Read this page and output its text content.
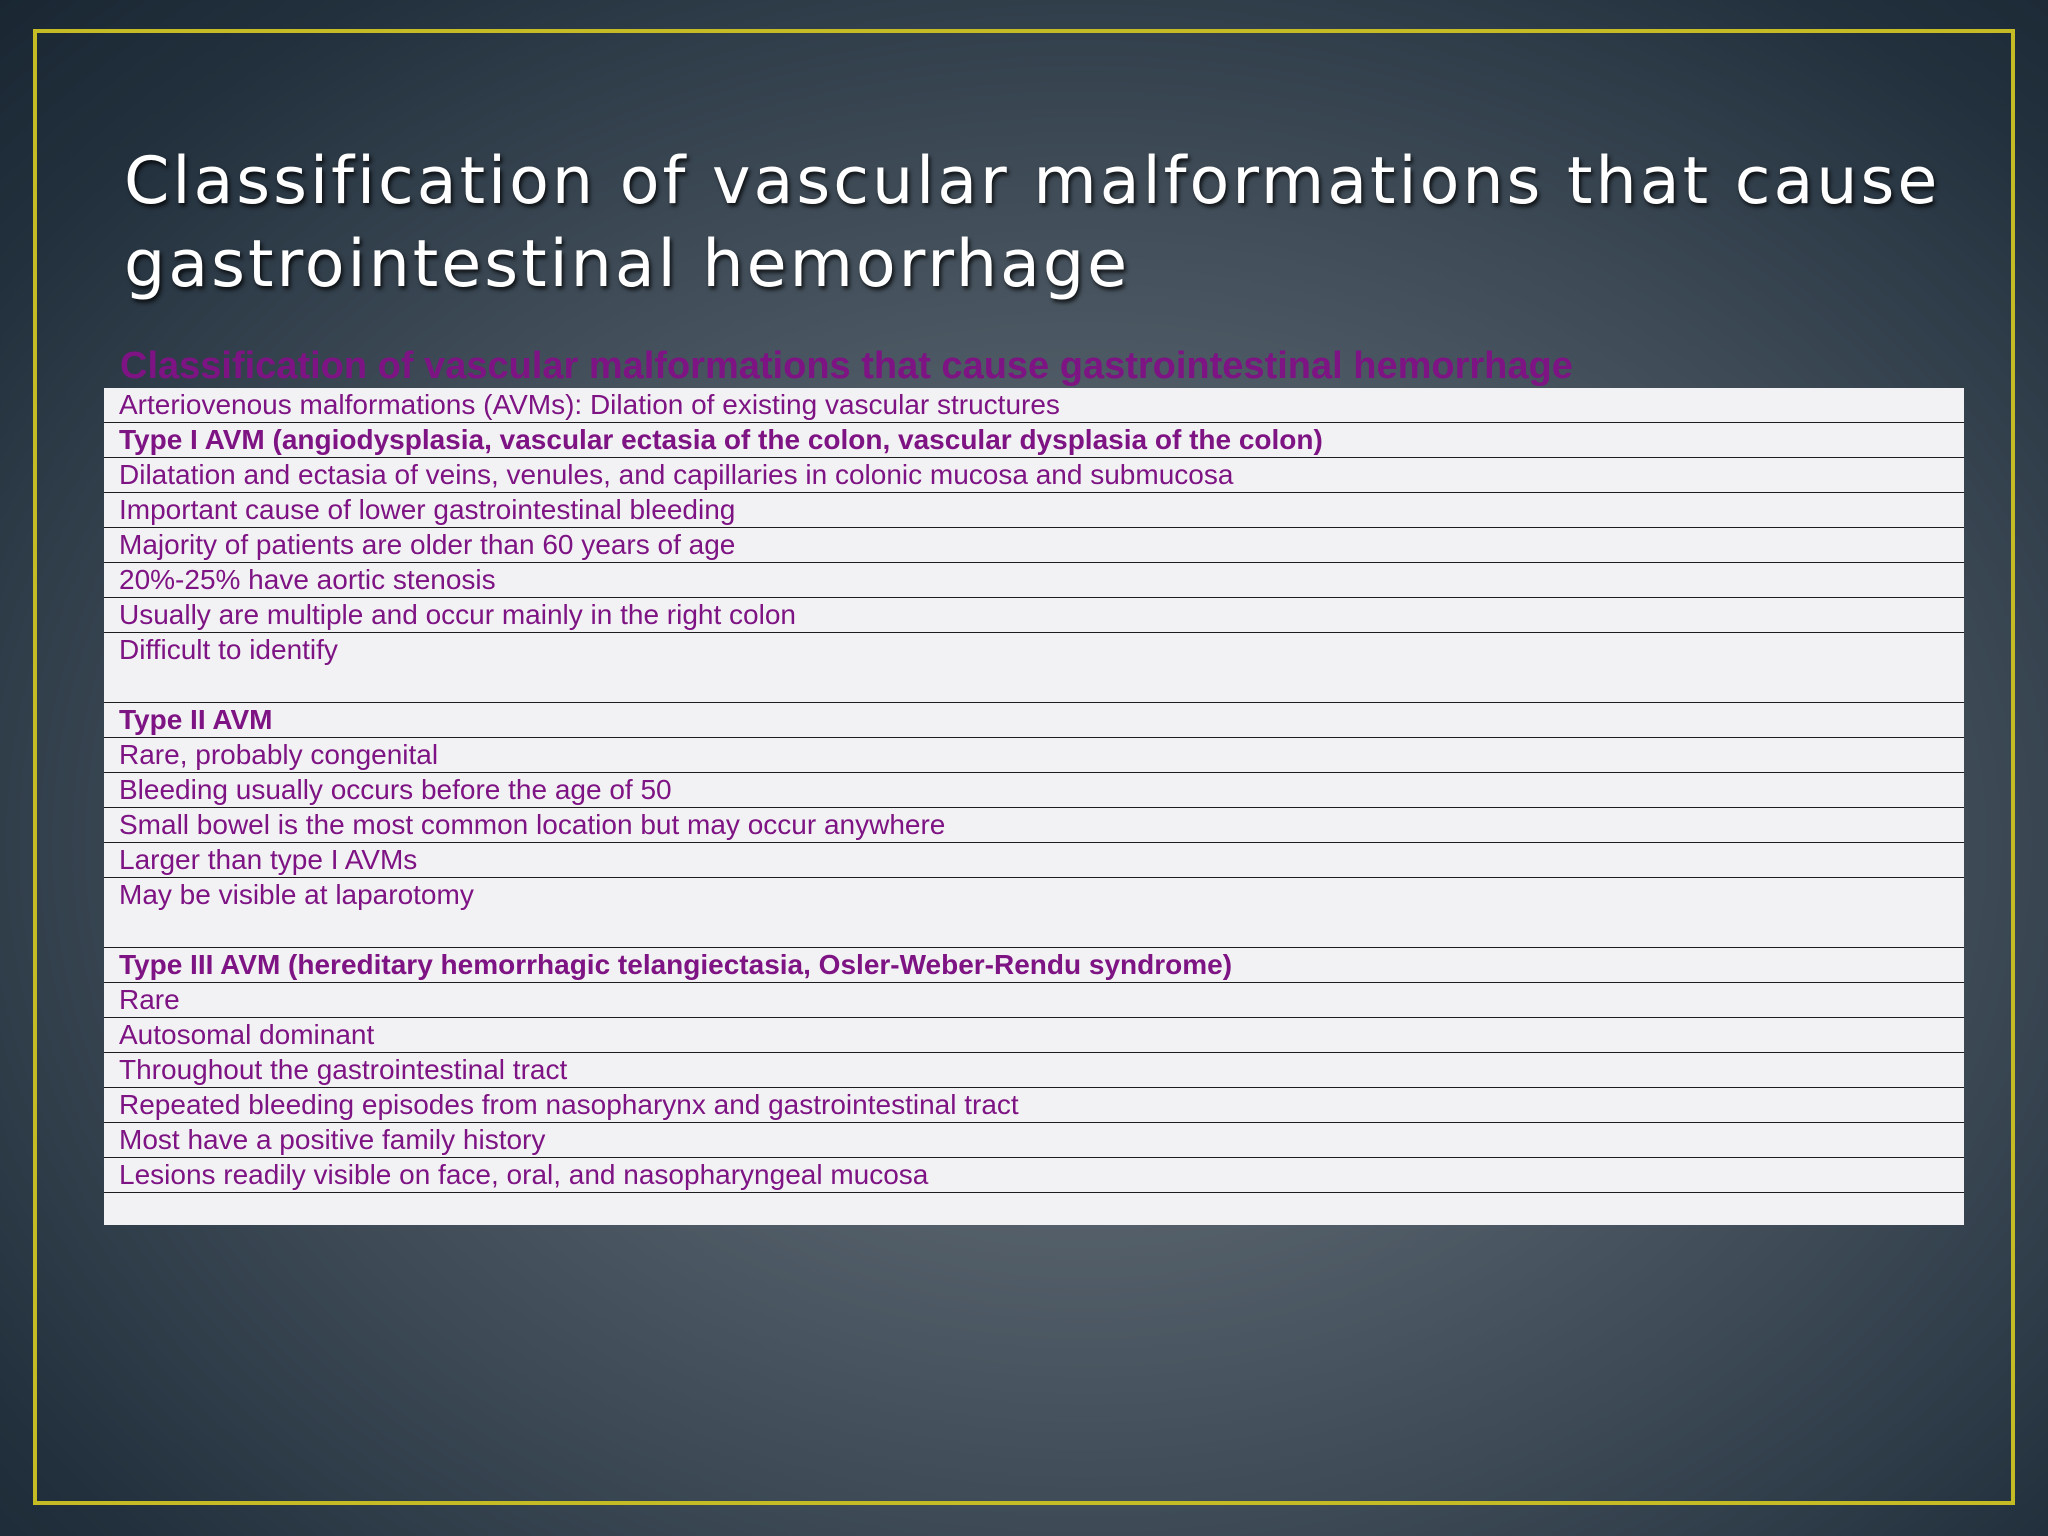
Classification of vascular malformations that cause
gastrointestinal hemorrhage

Classification of vascular malformations that cause gastrointestinal hemorrhage

Arteriovenous malformations (AVMs): Dilation of existing vascular structures
Type I AVM (angiodysplasia, vascular ectasia of the colon, vascular dysplasia of the colon)
Dilatation and ectasia of veins, venules, and capillaries in colonic mucosa and submucosa
Important cause of lower gastrointestinal bleeding
Majority of patients are older than 60 years of age
20%-25% have aortic stenosis
Usually are multiple and occur mainly in the right colon
Difficult to identify
Type II AVM
Rare, probably congenital
Bleeding usually occurs before the age of 50
Small bowel is the most common location but may occur anywhere
Larger than type I AVMs
May be visible at laparotomy
Type III AVM (hereditary hemorrhagic telangiectasia, Osler-Weber-Rendu syndrome)
Rare
Autosomal dominant
Throughout the gastrointestinal tract
Repeated bleeding episodes from nasopharynx and gastrointestinal tract
Most have a positive family history
Lesions readily visible on face, oral, and nasopharyngeal mucosa
